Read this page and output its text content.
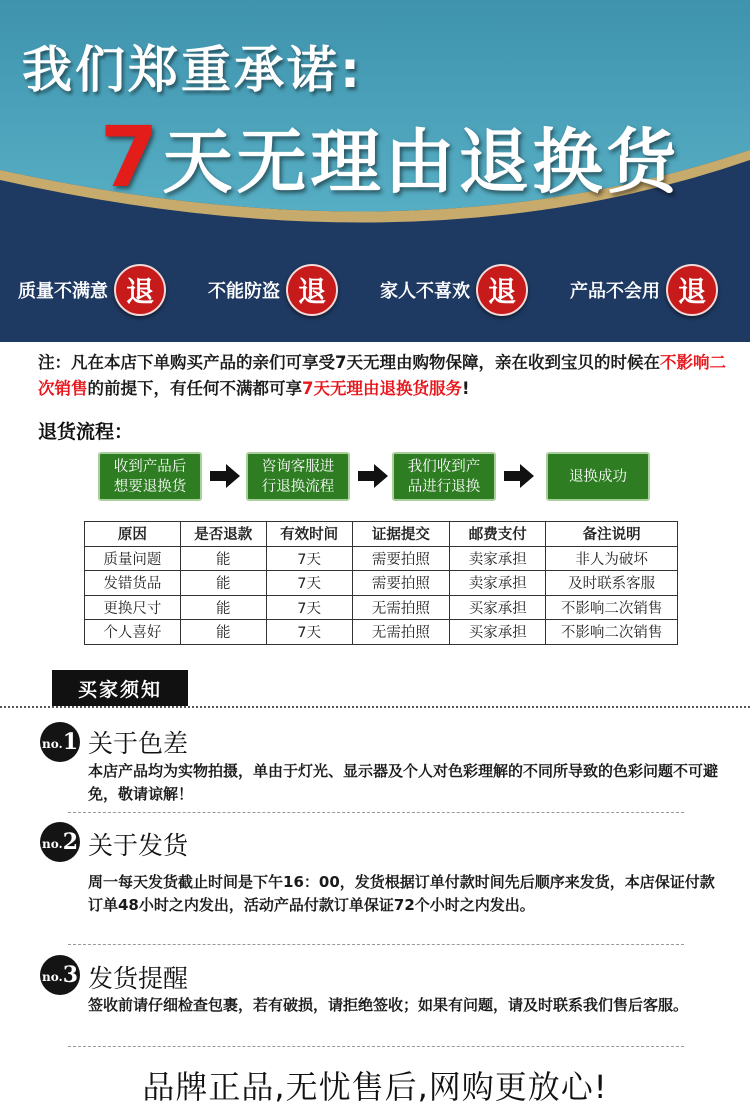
我们郑重承诺:
7天无理由退换货
质量不满意 退	不能防盗 退	家人不喜欢 退	产品不会用 退
注：凡在本店下单购买产品的亲们可享受7天无理由购物保障，亲在收到宝贝的时候在不影响二次销售的前提下，有任何不满都可享7天无理由退换货服务!
退货流程：
收到产品后
想要退换货
咨询客服进
行退换流程
我们收到产
品进行退换
退换成功
原因	是否退款	有效时间	证据提交	邮费支付	备注说明
质量问题	能	7天	需要拍照	卖家承担	非人为破坏
发错货品	能	7天	需要拍照	卖家承担	及时联系客服
更换尺寸	能	7天	无需拍照	买家承担	不影响二次销售
个人喜好	能	7天	无需拍照	买家承担	不影响二次销售
买家须知
no. 1 关于色差
本店产品均为实物拍摄，单由于灯光、显示器及个人对色彩理解的不同所导致的色彩问题不可避免，敬请谅解！
no. 2 关于发货
周一每天发货截止时间是下午16：00，发货根据订单付款时间先后顺序来发货，本店保证付款订单48小时之内发出，活动产品付款订单保证72个小时之内发出。
no. 3 发货提醒
签收前请仔细检查包裹，若有破损，请拒绝签收；如果有问题，请及时联系我们售后客服。
品牌正品,无忧售后,网购更放心!
